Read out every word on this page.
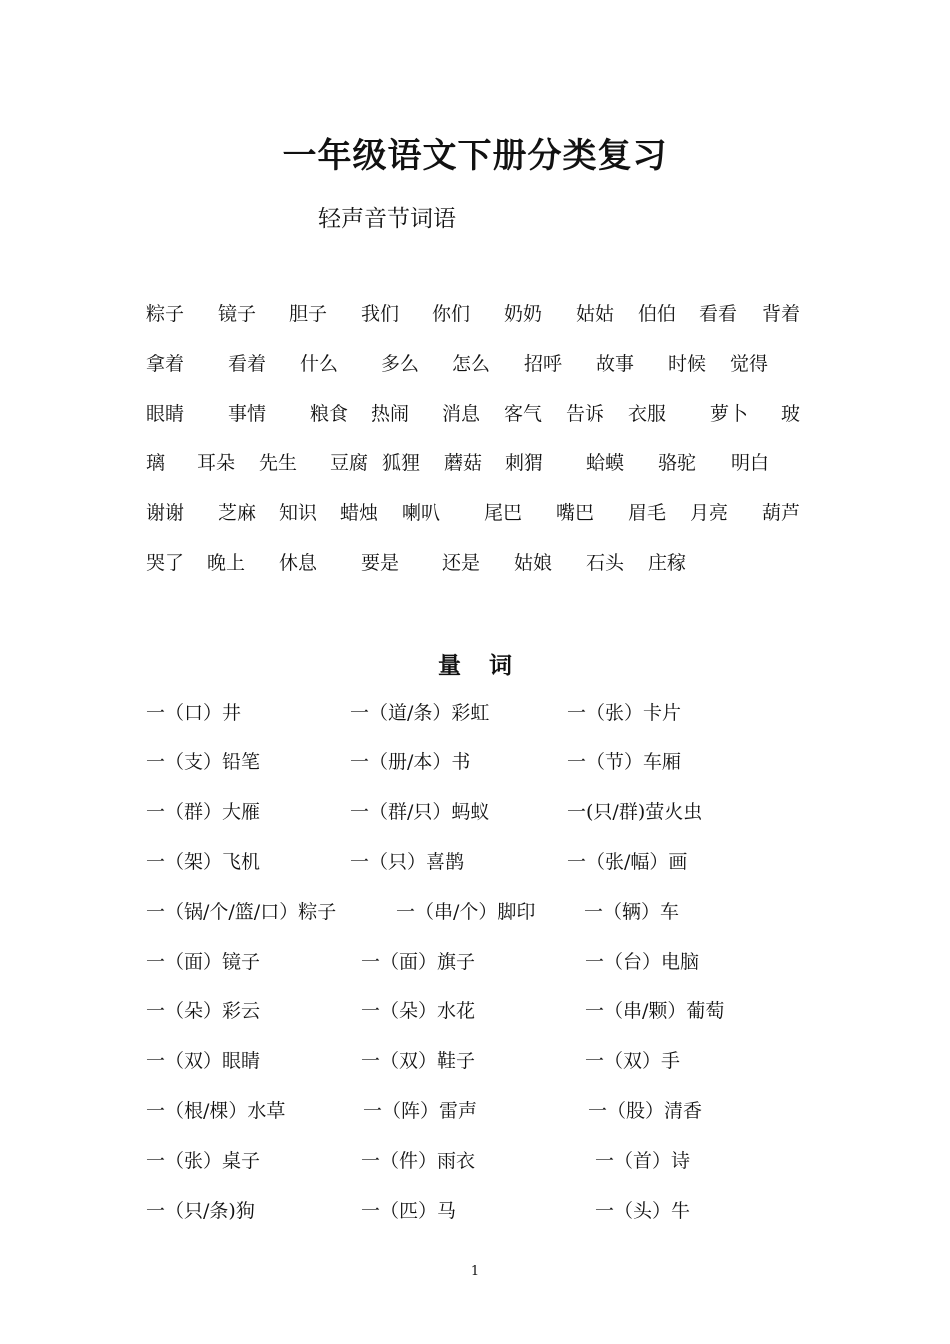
一年级语文下册分类复习
轻声音节词语
粽子 镜子 胆子 我们 你们 奶奶 姑姑 伯伯 看看 背着
拿着 看着 什么 多么 怎么 招呼 故事 时候 觉得
眼睛 事情 粮食 热闹 消息 客气 告诉 衣服 萝卜 玻
璃 耳朵 先生 豆腐 狐狸 蘑菇 刺猬 蛤蟆 骆驼 明白
谢谢 芝麻 知识 蜡烛 喇叭 尾巴 嘴巴 眉毛 月亮 葫芦
哭了 晚上 休息 要是 还是 姑娘 石头 庄稼
量 词
一（口）井	一（道/条）彩虹	一（张）卡片
一（支）铅笔	一（册/本）书	一（节）车厢
一（群）大雁	一（群/只）蚂蚁	一(只/群)萤火虫
一（架）飞机	一（只）喜鹊	一（张/幅）画
一（锅/个/篮/口）粽子	一（串/个）脚印	一（辆）车
一（面）镜子	一（面）旗子	一（台）电脑
一（朵）彩云	一（朵）水花	一（串/颗）葡萄
一（双）眼睛	一（双）鞋子	一（双）手
一（根/棵）水草	一（阵）雷声	一（股）清香
一（张）桌子	一（件）雨衣	一（首）诗
一（只/条)狗	一（匹）马	一（头）牛
1
